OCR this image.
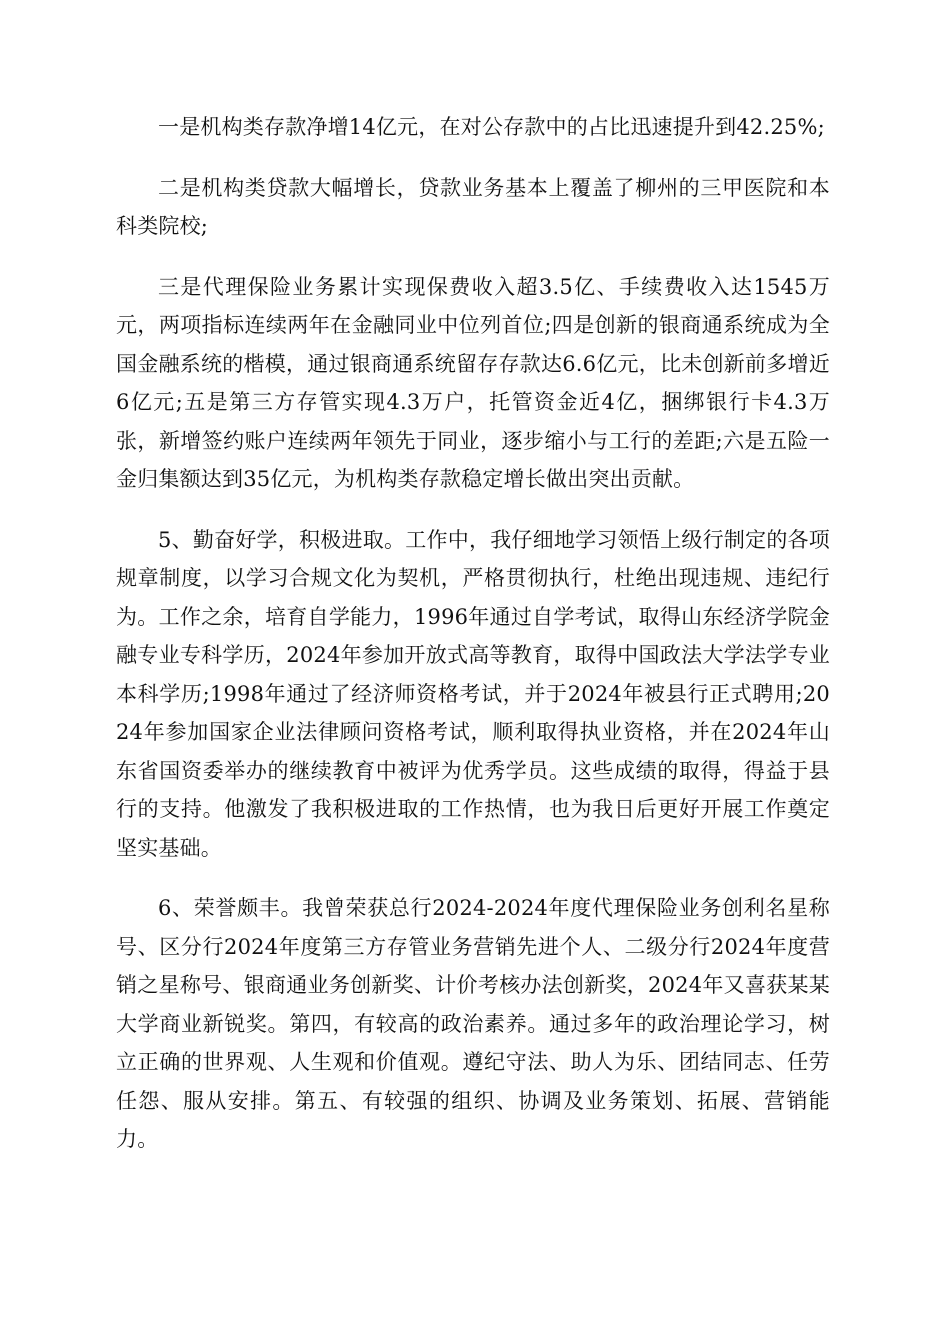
一是机构类存款净增14亿元，在对公存款中的占比迅速提升到42.25%;

二是机构类贷款大幅增长，贷款业务基本上覆盖了柳州的三甲医院和本科类院校;

三是代理保险业务累计实现保费收入超3.5亿、手续费收入达1545万元，两项指标连续两年在金融同业中位列首位;四是创新的银商通系统成为全国金融系统的楷模，通过银商通系统留存存款达6.6亿元，比未创新前多增近6亿元;五是第三方存管实现4.3万户，托管资金近4亿，捆绑银行卡4.3万张，新增签约账户连续两年领先于同业，逐步缩小与工行的差距;六是五险一金归集额达到35亿元，为机构类存款稳定增长做出突出贡献。

5、勤奋好学，积极进取。工作中，我仔细地学习领悟上级行制定的各项规章制度，以学习合规文化为契机，严格贯彻执行，杜绝出现违规、违纪行为。工作之余，培育自学能力，1996年通过自学考试，取得山东经济学院金融专业专科学历，2024年参加开放式高等教育，取得中国政法大学法学专业本科学历;1998年通过了经济师资格考试，并于2024年被县行正式聘用;2024年参加国家企业法律顾问资格考试，顺利取得执业资格，并在2024年山东省国资委举办的继续教育中被评为优秀学员。这些成绩的取得，得益于县行的支持。他激发了我积极进取的工作热情，也为我日后更好开展工作奠定坚实基础。

6、荣誉颇丰。我曾荣获总行2024-2024年度代理保险业务创利名星称号、区分行2024年度第三方存管业务营销先进个人、二级分行2024年度营销之星称号、银商通业务创新奖、计价考核办法创新奖，2024年又喜获某某大学商业新锐奖。第四，有较高的政治素养。通过多年的政治理论学习，树立正确的世界观、人生观和价值观。遵纪守法、助人为乐、团结同志、任劳任怨、服从安排。第五、有较强的组织、协调及业务策划、拓展、营销能力。
